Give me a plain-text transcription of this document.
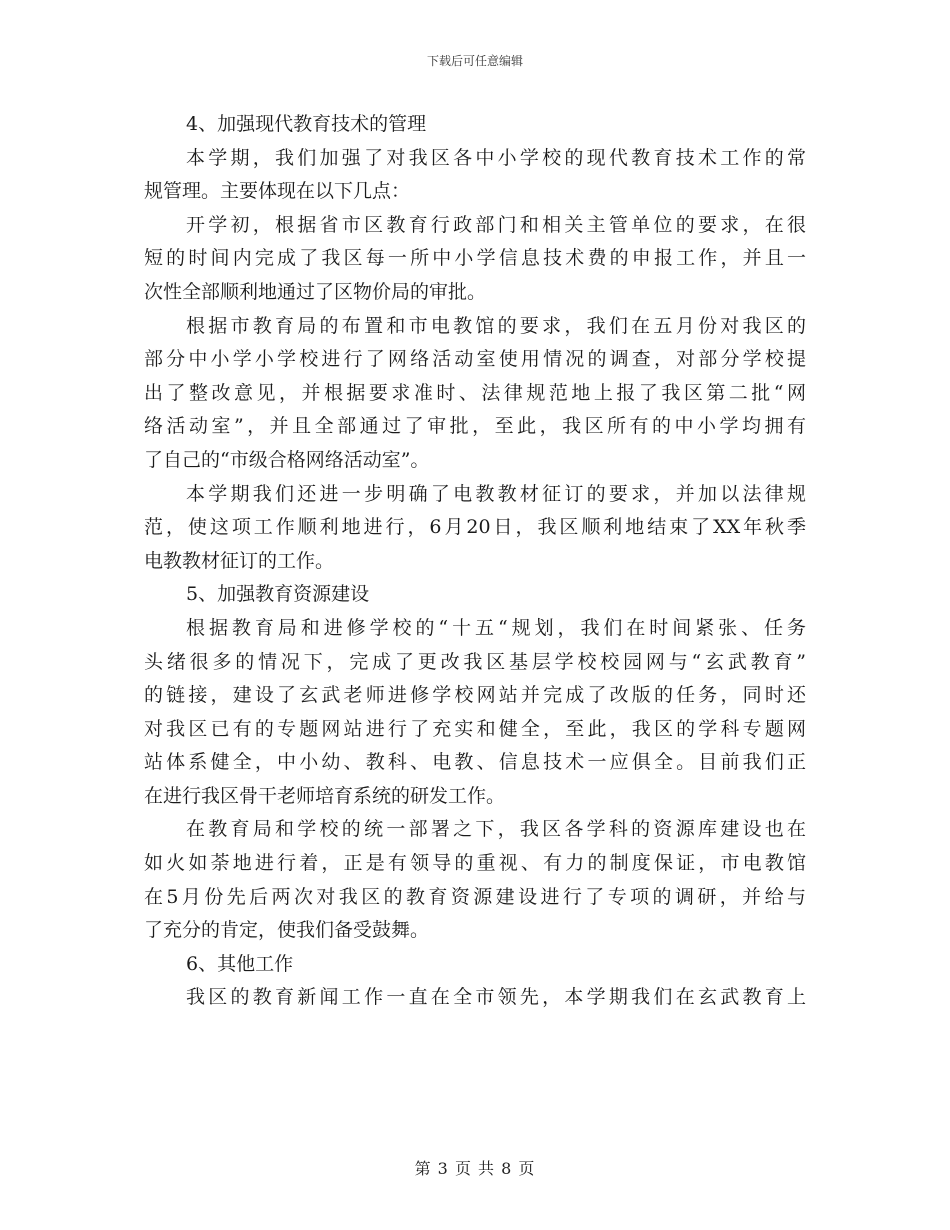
下载后可任意编辑
4、加强现代教育技术的管理
本学期，我们加强了对我区各中小学校的现代教育技术工作的常
规管理。主要体现在以下几点：
开学初，根据省市区教育行政部门和相关主管单位的要求，在很
短的时间内完成了我区每一所中小学信息技术费的申报工作，并且一
次性全部顺利地通过了区物价局的审批。
根据市教育局的布置和市电教馆的要求，我们在五月份对我区的
部分中小学小学校进行了网络活动室使用情况的调查，对部分学校提
出了整改意见，并根据要求准时、法律规范地上报了我区第二批“网
络活动室”，并且全部通过了审批，至此，我区所有的中小学均拥有
了自己的“市级合格网络活动室”。
本学期我们还进一步明确了电教教材征订的要求，并加以法律规
范，使这项工作顺利地进行，6月20日，我区顺利地结束了XX年秋季
电教教材征订的工作。
5、加强教育资源建设
根据教育局和进修学校的“十五“规划，我们在时间紧张、任务
头绪很多的情况下，完成了更改我区基层学校校园网与“玄武教育”
的链接，建设了玄武老师进修学校网站并完成了改版的任务，同时还
对我区已有的专题网站进行了充实和健全，至此，我区的学科专题网
站体系健全，中小幼、教科、电教、信息技术一应俱全。目前我们正
在进行我区骨干老师培育系统的研发工作。
在教育局和学校的统一部署之下，我区各学科的资源库建设也在
如火如荼地进行着，正是有领导的重视、有力的制度保证，市电教馆
在5月份先后两次对我区的教育资源建设进行了专项的调研，并给与
了充分的肯定，使我们备受鼓舞。
6、其他工作
我区的教育新闻工作一直在全市领先，本学期我们在玄武教育上
第 3 页 共 8 页
